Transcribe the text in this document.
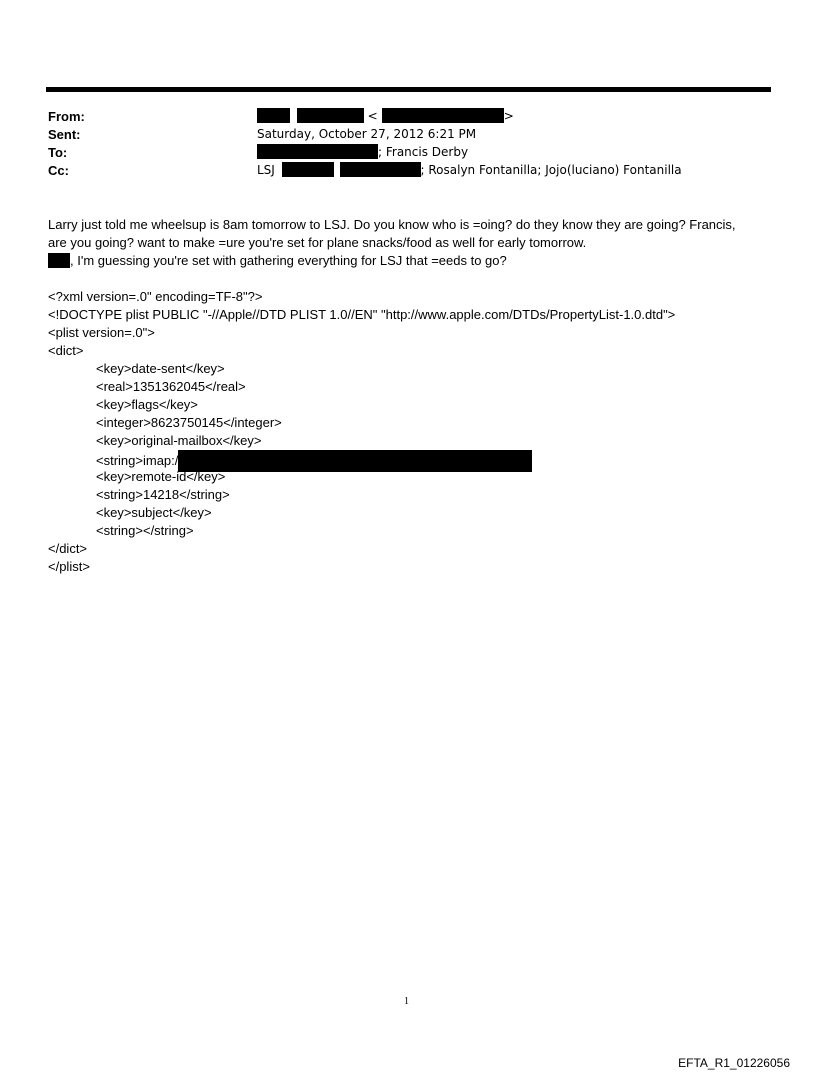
From:	<	>
Sent:	Saturday, October 27, 2012 6:21 PM
To:	; Francis Derby
Cc:	LSJ	; Rosalyn Fontanilla; Jojo(luciano) Fontanilla
Larry just told me wheelsup is 8am tomorrow to LSJ. Do you know who is =oing? do they know they are going? Francis,
are you going? want to make =ure you're set for plane snacks/food as well for early tomorrow.
, I'm guessing you're set with gathering everything for LSJ that =eeds to go?
<?xml version=.0" encoding=TF-8"?>
<!DOCTYPE plist PUBLIC "-//Apple//DTD PLIST 1.0//EN" "http://www.apple.com/DTDs/PropertyList-1.0.dtd">
<plist version=.0">
<dict>
<key>date-sent</key>
<real>1351362045</real>
<key>flags</key>
<integer>8623750145</integer>
<key>original-mailbox</key>
<string>imap:/
<key>remote-id</key>
<string>14218</string>
<key>subject</key>
<string></string>
</dict>
</plist>
1
EFTA_R1_01226056
